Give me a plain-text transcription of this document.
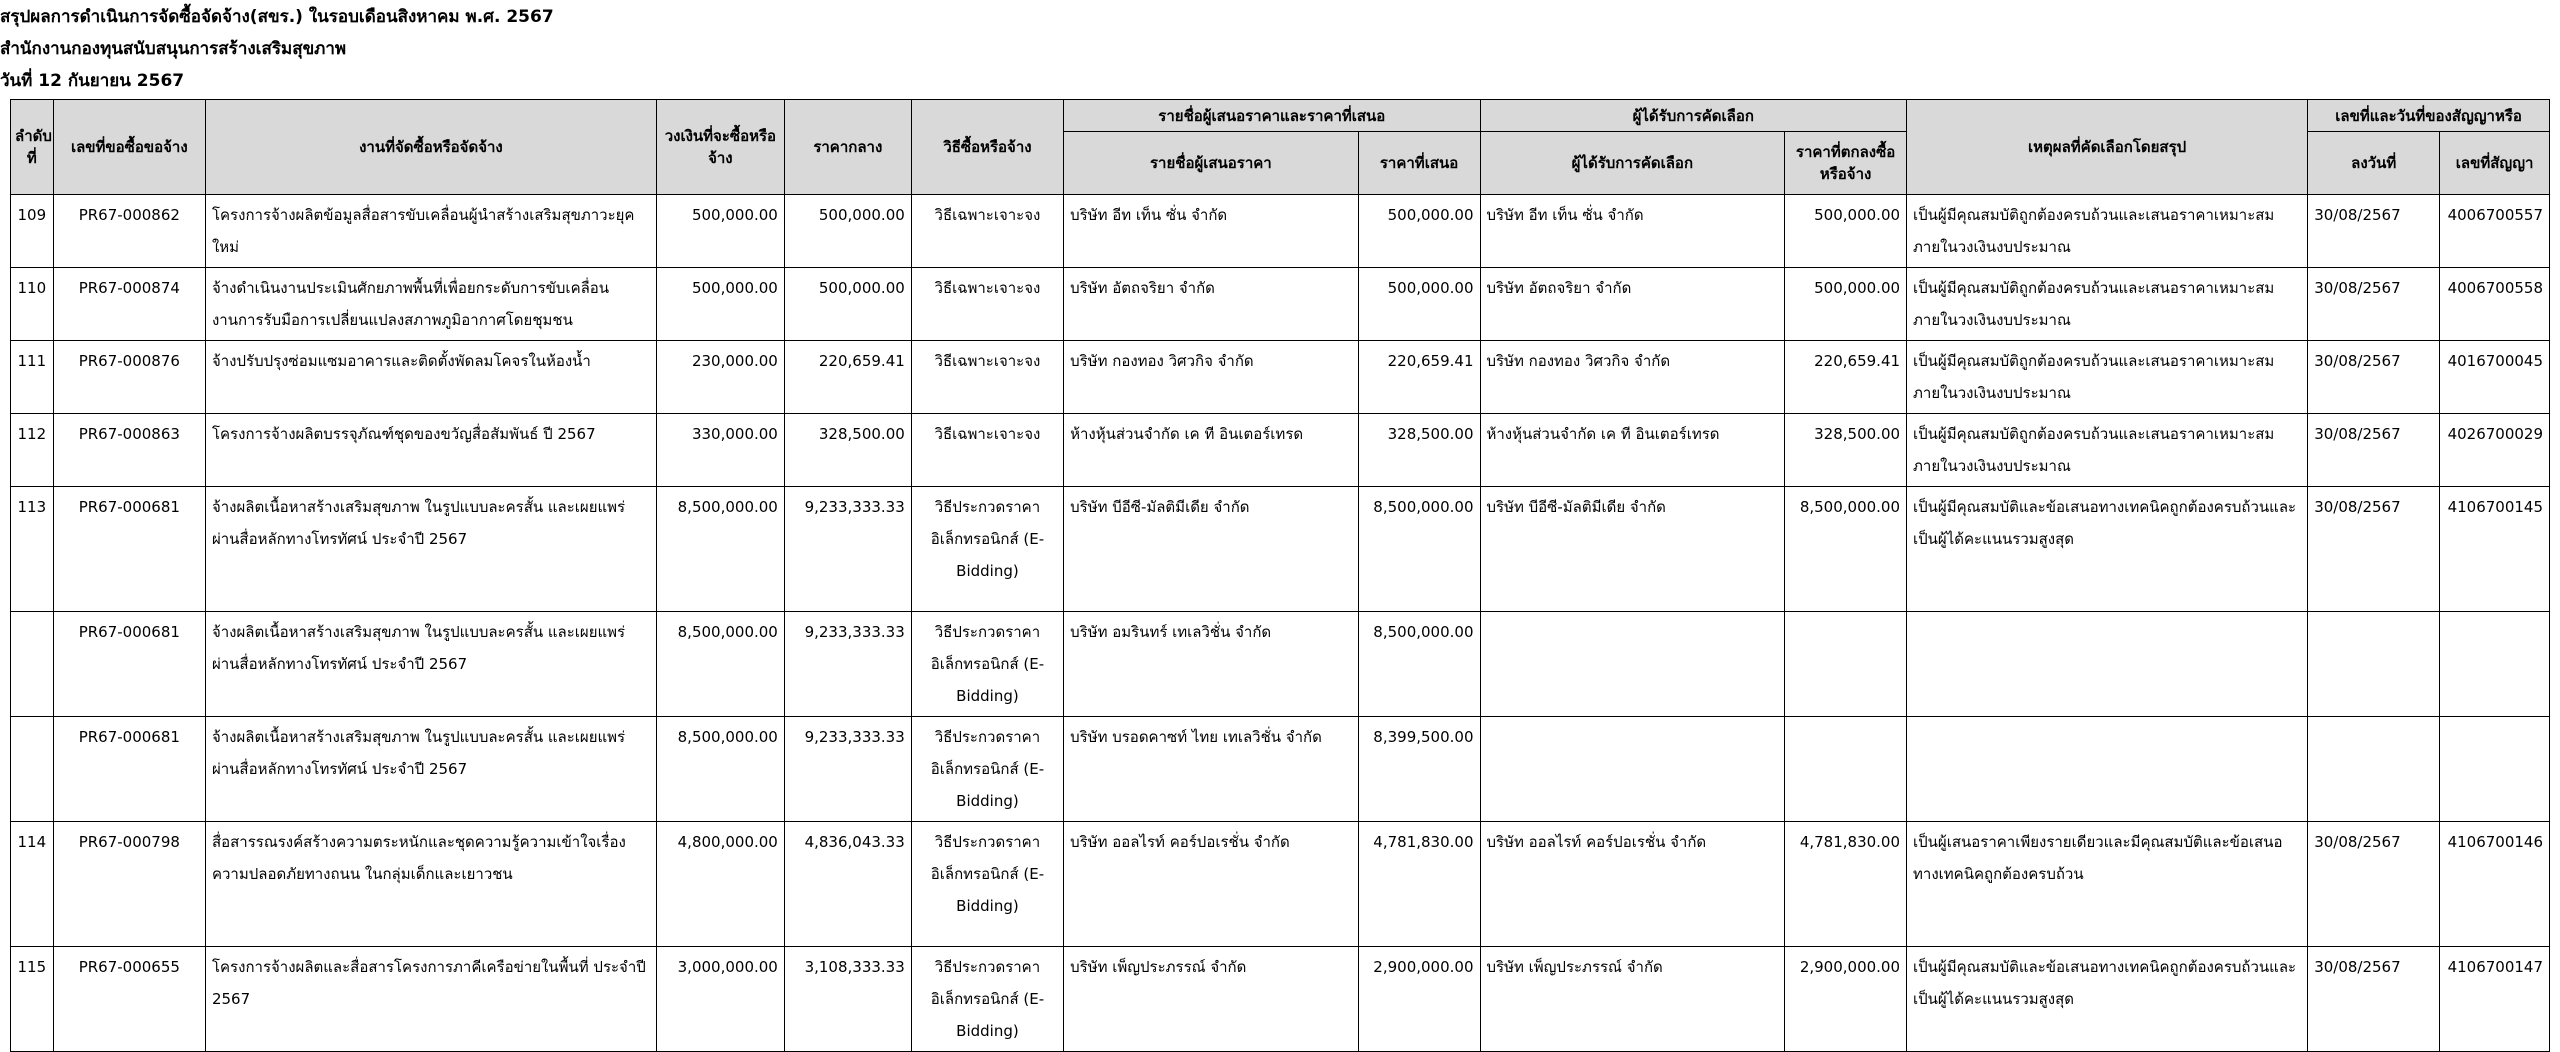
สรุปผลการดำเนินการจัดซื้อจัดจ้าง(สขร.) ในรอบเดือนสิงหาคม พ.ศ. 2567
สำนักงานกองทุนสนับสนุนการสร้างเสริมสุขภาพ
วันที่ 12 กันยายน 2567
ลำดับที่	เลขที่ขอซื้อขอจ้าง	งานที่จัดซื้อหรือจัดจ้าง	วงเงินที่จะซื้อหรือจ้าง	ราคากลาง	วิธีซื้อหรือจ้าง	รายชื่อผู้เสนอราคาและราคาที่เสนอ		ผู้ได้รับการคัดเลือก		เหตุผลที่คัดเลือกโดยสรุป	เลขที่และวันที่ของสัญญาหรือ	
						รายชื่อผู้เสนอราคา	ราคาที่เสนอ	ผู้ได้รับการคัดเลือก	ราคาที่ตกลงซื้อหรือจ้าง		ลงวันที่	เลขที่สัญญา
109	PR67-000862	โครงการจ้างผลิตข้อมูลสื่อสารขับเคลื่อนผู้นำสร้างเสริมสุขภาวะยุคใหม่	500,000.00	500,000.00	วิธีเฉพาะเจาะจง	บริษัท อีท เท็น ซั่น จำกัด	500,000.00	บริษัท อีท เท็น ซั่น จำกัด	500,000.00	เป็นผู้มีคุณสมบัติถูกต้องครบถ้วนและเสนอราคาเหมาะสมภายในวงเงินงบประมาณ	30/08/2567	4006700557
110	PR67-000874	จ้างดำเนินงานประเมินศักยภาพพื้นที่เพื่อยกระดับการขับเคลื่อนงานการรับมือการเปลี่ยนแปลงสภาพภูมิอากาศโดยชุมชน	500,000.00	500,000.00	วิธีเฉพาะเจาะจง	บริษัท อัตถจริยา จำกัด	500,000.00	บริษัท อัตถจริยา จำกัด	500,000.00	เป็นผู้มีคุณสมบัติถูกต้องครบถ้วนและเสนอราคาเหมาะสมภายในวงเงินงบประมาณ	30/08/2567	4006700558
111	PR67-000876	จ้างปรับปรุงซ่อมแซมอาคารและติดตั้งพัดลมโคจรในห้องน้ำ	230,000.00	220,659.41	วิธีเฉพาะเจาะจง	บริษัท กองทอง วิศวกิจ จำกัด	220,659.41	บริษัท กองทอง วิศวกิจ จำกัด	220,659.41	เป็นผู้มีคุณสมบัติถูกต้องครบถ้วนและเสนอราคาเหมาะสมภายในวงเงินงบประมาณ	30/08/2567	4016700045
112	PR67-000863	โครงการจ้างผลิตบรรจุภัณฑ์ชุดของขวัญสื่อสัมพันธ์ ปี 2567	330,000.00	328,500.00	วิธีเฉพาะเจาะจง	ห้างหุ้นส่วนจำกัด เค ที อินเตอร์เทรด	328,500.00	ห้างหุ้นส่วนจำกัด เค ที อินเตอร์เทรด	328,500.00	เป็นผู้มีคุณสมบัติถูกต้องครบถ้วนและเสนอราคาเหมาะสมภายในวงเงินงบประมาณ	30/08/2567	4026700029
113	PR67-000681	จ้างผลิตเนื้อหาสร้างเสริมสุขภาพ ในรูปแบบละครสั้น และเผยแพร่ผ่านสื่อหลักทางโทรทัศน์ ประจำปี 2567	8,500,000.00	9,233,333.33	วิธีประกวดราคาอิเล็กทรอนิกส์ (E-Bidding)	บริษัท บีอีซี-มัลติมีเดีย จำกัด	8,500,000.00	บริษัท บีอีซี-มัลติมีเดีย จำกัด	8,500,000.00	เป็นผู้มีคุณสมบัติและข้อเสนอทางเทคนิคถูกต้องครบถ้วนและเป็นผู้ได้คะแนนรวมสูงสุด	30/08/2567	4106700145
	PR67-000681	จ้างผลิตเนื้อหาสร้างเสริมสุขภาพ ในรูปแบบละครสั้น และเผยแพร่ผ่านสื่อหลักทางโทรทัศน์ ประจำปี 2567	8,500,000.00	9,233,333.33	วิธีประกวดราคาอิเล็กทรอนิกส์ (E-Bidding)	บริษัท อมรินทร์ เทเลวิชั่น จำกัด	8,500,000.00					
	PR67-000681	จ้างผลิตเนื้อหาสร้างเสริมสุขภาพ ในรูปแบบละครสั้น และเผยแพร่ผ่านสื่อหลักทางโทรทัศน์ ประจำปี 2567	8,500,000.00	9,233,333.33	วิธีประกวดราคาอิเล็กทรอนิกส์ (E-Bidding)	บริษัท บรอดคาซท์ ไทย เทเลวิชั่น จำกัด	8,399,500.00					
114	PR67-000798	สื่อสารรณรงค์สร้างความตระหนักและชุดความรู้ความเข้าใจเรื่องความปลอดภัยทางถนน ในกลุ่มเด็กและเยาวชน	4,800,000.00	4,836,043.33	วิธีประกวดราคาอิเล็กทรอนิกส์ (E-Bidding)	บริษัท ออลไรท์ คอร์ปอเรชั่น จำกัด	4,781,830.00	บริษัท ออลไรท์ คอร์ปอเรชั่น จำกัด	4,781,830.00	เป็นผู้เสนอราคาเพียงรายเดียวและมีคุณสมบัติและข้อเสนอทางเทคนิคถูกต้องครบถ้วน	30/08/2567	4106700146
115	PR67-000655	โครงการจ้างผลิตและสื่อสารโครงการภาคีเครือข่ายในพื้นที่ ประจำปี 2567	3,000,000.00	3,108,333.33	วิธีประกวดราคาอิเล็กทรอนิกส์ (E-Bidding)	บริษัท เพ็ญประภรรณ์ จำกัด	2,900,000.00	บริษัท เพ็ญประภรรณ์ จำกัด	2,900,000.00	เป็นผู้มีคุณสมบัติและข้อเสนอทางเทคนิคถูกต้องครบถ้วนและเป็นผู้ได้คะแนนรวมสูงสุด	30/08/2567	4106700147
